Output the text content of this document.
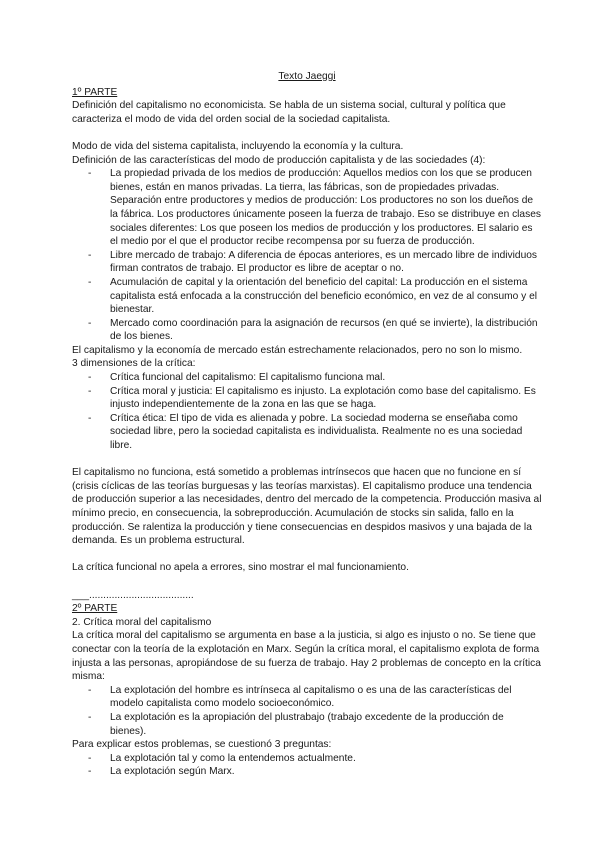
Texto Jaeggi

1º PARTE

Definición del capitalismo no economicista. Se habla de un sistema social, cultural y política que caracteriza el modo de vida del orden social de la sociedad capitalista.

Modo de vida del sistema capitalista, incluyendo la economía y la cultura.

Definición de las características del modo de producción capitalista y de las sociedades (4):

- La propiedad privada de los medios de producción: Aquellos medios con los que se producen bienes, están en manos privadas. La tierra, las fábricas, son de propiedades privadas. Separación entre productores y medios de producción: Los productores no son los dueños de la fábrica. Los productores únicamente poseen la fuerza de trabajo. Eso se distribuye en clases sociales diferentes: Los que poseen los medios de producción y los productores. El salario es el medio por el que el productor recibe recompensa por su fuerza de producción.
- Libre mercado de trabajo: A diferencia de épocas anteriores, es un mercado libre de individuos firman contratos de trabajo. El productor es libre de aceptar o no.
- Acumulación de capital y la orientación del beneficio del capital: La producción en el sistema capitalista está enfocada a la construcción del beneficio económico, en vez de al consumo y el bienestar.
- Mercado como coordinación para la asignación de recursos (en qué se invierte), la distribución de los bienes.

El capitalismo y la economía de mercado están estrechamente relacionados, pero no son lo mismo.

3 dimensiones de la crítica:

- Crítica funcional del capitalismo: El capitalismo funciona mal.
- Crítica moral y justicia: El capitalismo es injusto. La explotación como base del capitalismo. Es injusto independientemente de la zona en las que se haga.
- Crítica ética: El tipo de vida es alienada y pobre. La sociedad moderna se enseñaba como sociedad libre, pero la sociedad capitalista es individualista. Realmente no es una sociedad libre.

El capitalismo no funciona, está sometido a problemas intrínsecos que hacen que no funcione en sí (crisis cíclicas de las teorías burguesas y las teorías marxistas). El capitalismo produce una tendencia de producción superior a las necesidades, dentro del mercado de la competencia. Producción masiva al mínimo precio, en consecuencia, la sobreproducción. Acumulación de stocks sin salida, fallo en la producción. Se ralentiza la producción y tiene consecuencias en despidos masivos y una bajada de la demanda. Es un problema estructural.

La crítica funcional no apela a errores, sino mostrar el mal funcionamiento.

___.....................................

2º PARTE

2. Crítica moral del capitalismo

La crítica moral del capitalismo se argumenta en base a la justicia, si algo es injusto o no. Se tiene que conectar con la teoría de la explotación en Marx. Según la crítica moral, el capitalismo explota de forma injusta a las personas, apropiándose de su fuerza de trabajo. Hay 2 problemas de concepto en la crítica misma:

- La explotación del hombre es intrínseca al capitalismo o es una de las características del modelo capitalista como modelo socioeconómico.
- La explotación es la apropiación del plustrabajo (trabajo excedente de la producción de bienes).

Para explicar estos problemas, se cuestionó 3 preguntas:

- La explotación tal y como la entendemos actualmente.
- La explotación según Marx.
